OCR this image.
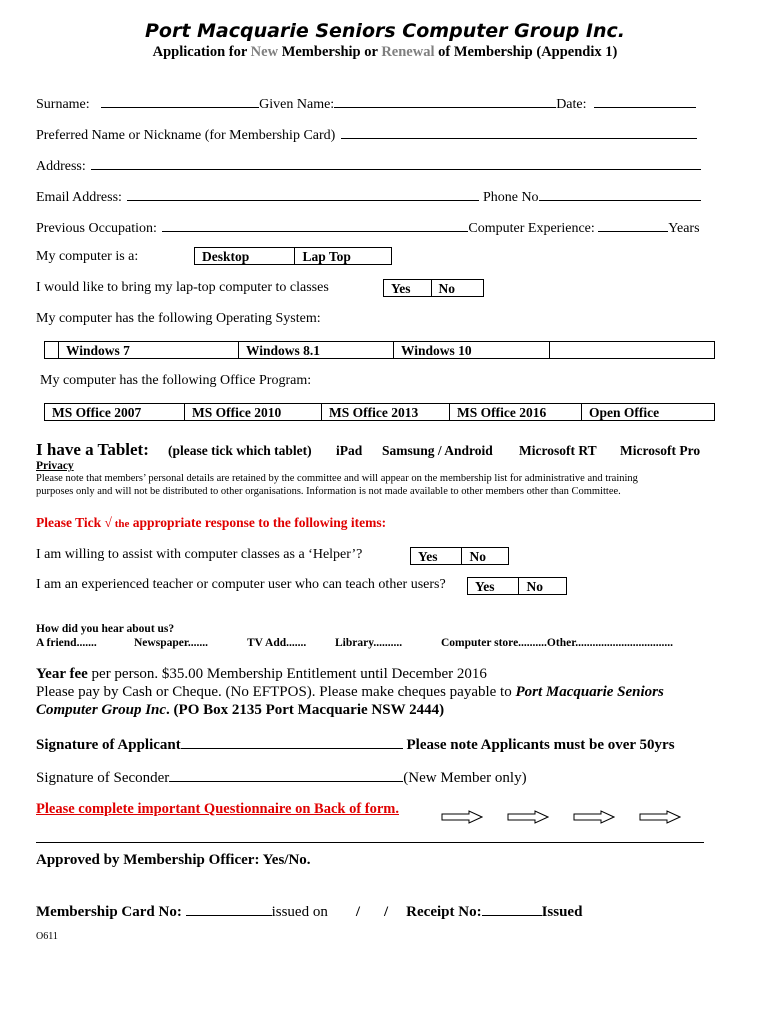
Port Macquarie Seniors Computer Group Inc.
Application for New Membership or Renewal of Membership (Appendix 1)
Surname:	Given Name:	Date:
Preferred Name or Nickname (for Membership Card)
Address:
Email Address:	Phone No
Previous Occupation:	Computer Experience:	Years
My computer is a:	Desktop	Lap Top
I would like to bring my lap-top computer to classes	Yes	No
My computer has the following Operating System:
Windows 7	Windows 8.1	Windows 10
My computer has the following Office Program:
MS Office 2007	MS Office 2010	MS Office 2013	MS Office 2016	Open Office
I have a Tablet: (please tick which tablet) iPad Samsung / Android Microsoft RT Microsoft Pro
Privacy
Please note that members’ personal details are retained by the committee and will appear on the membership list for administrative and training
purposes only and will not be distributed to other organisations. Information is not made available to other members other than Committee.
Please Tick √ the appropriate response to the following items:
I am willing to assist with computer classes as a ‘Helper’?	Yes	No
I am an experienced teacher or computer user who can teach other users?	Yes	No
How did you hear about us?
A friend.......	Newspaper.......	TV Add.......	Library..........	Computer store..........Other..................................
Year fee per person. $35.00 Membership Entitlement until December 2016
Please pay by Cash or Cheque. (No EFTPOS). Please make cheques payable to Port Macquarie Seniors
Computer Group Inc. (PO Box 2135 Port Macquarie NSW 2444)
Signature of Applicant	Please note Applicants must be over 50yrs
Signature of Seconder	(New Member only)
Please complete important Questionnaire on Back of form.
Approved by Membership Officer: Yes/No.
Membership Card No:	issued on / / Receipt No:	Issued
O611
